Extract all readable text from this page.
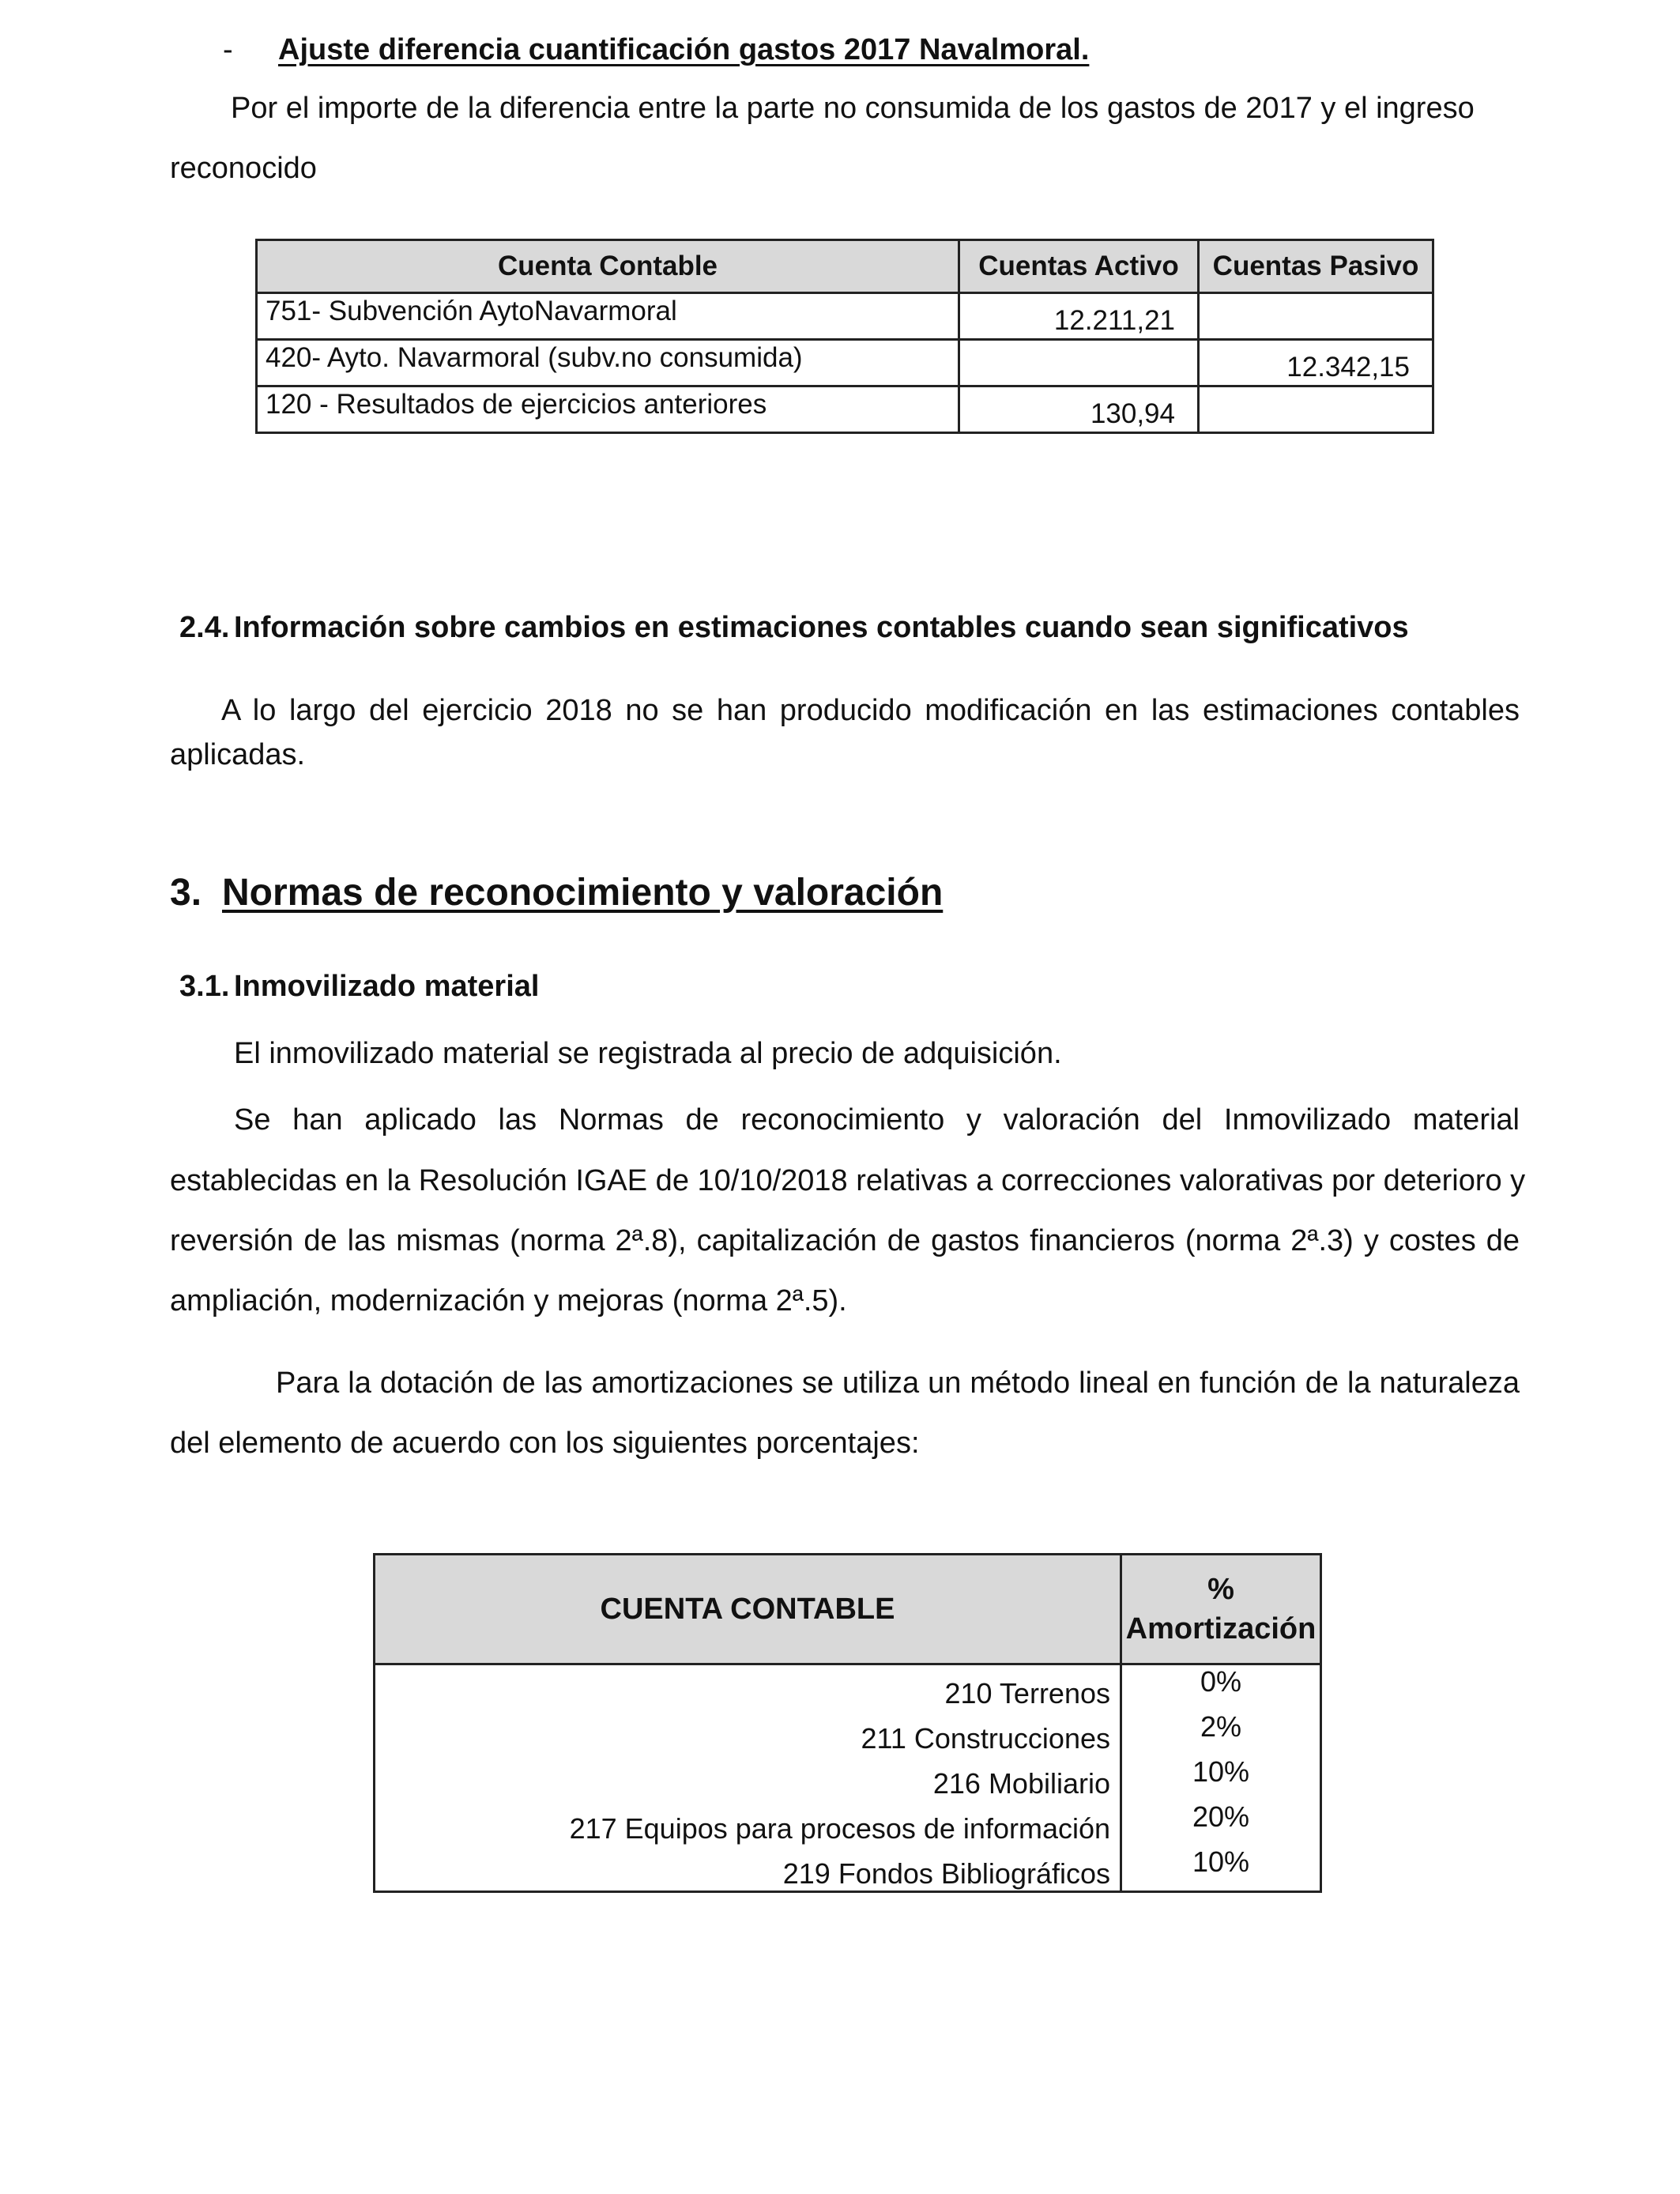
- Ajuste diferencia cuantificación gastos 2017 Navalmoral.
Por el importe de la diferencia entre la parte no consumida de los gastos de 2017 y el ingreso
reconocido
Cuenta Contable	Cuentas Activo	Cuentas Pasivo
751- Subvención AytoNavarmoral	12.211,21	
420- Ayto. Navarmoral (subv.no consumida)		12.342,15
120 - Resultados de ejercicios anteriores	130,94	
2.4. Información sobre cambios en estimaciones contables cuando sean significativos
A lo largo del ejercicio 2018 no se han producido modificación en las estimaciones contables
aplicadas.
3. Normas de reconocimiento y valoración
3.1. Inmovilizado material
El inmovilizado material se registrada al precio de adquisición.
Se han aplicado las Normas de reconocimiento y valoración del Inmovilizado material
establecidas en la Resolución IGAE de 10/10/2018 relativas a correcciones valorativas por deterioro y
reversión de las mismas (norma 2ª.8), capitalización de gastos financieros (norma 2ª.3) y costes de
ampliación, modernización y mejoras (norma 2ª.5).
Para la dotación de las amortizaciones se utiliza un método lineal en función de la naturaleza
del elemento de acuerdo con los siguientes porcentajes:
CUENTA CONTABLE	%
Amortización

210 Terrenos	0%
211 Construcciones	2%
216 Mobiliario	10%
217 Equipos para procesos de información	20%
219 Fondos Bibliográficos	10%
